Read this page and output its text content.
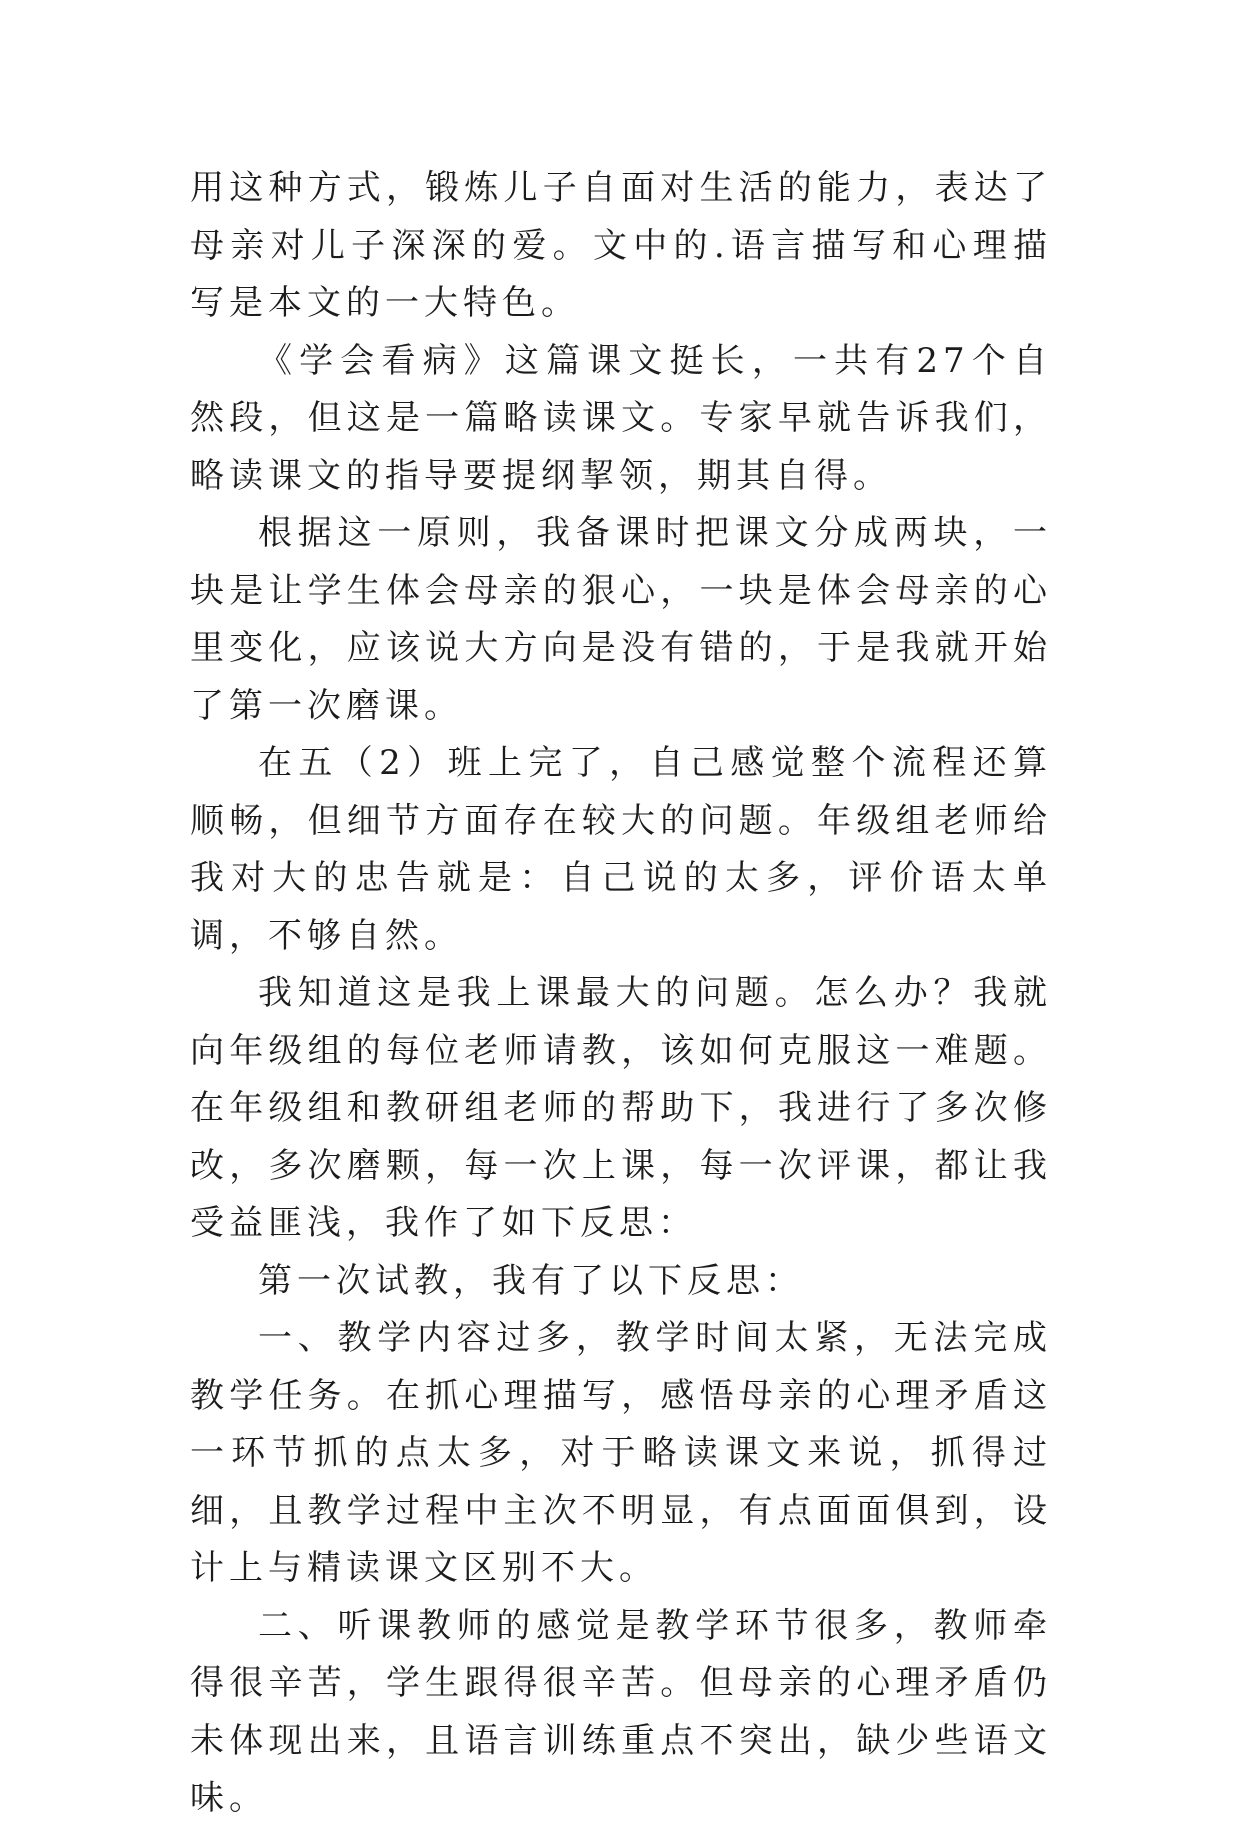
用这种方式，锻炼儿子自面对生活的能力，表达了母亲对儿子深深的爱。文中的.语言描写和心理描写是本文的一大特色。

《学会看病》这篇课文挺长，一共有27个自然段，但这是一篇略读课文。专家早就告诉我们，略读课文的指导要提纲挈领，期其自得。

根据这一原则，我备课时把课文分成两块，一块是让学生体会母亲的狠心，一块是体会母亲的心里变化，应该说大方向是没有错的，于是我就开始了第一次磨课。

在五（2）班上完了，自己感觉整个流程还算顺畅，但细节方面存在较大的问题。年级组老师给我对大的忠告就是：自己说的太多，评价语太单调，不够自然。

我知道这是我上课最大的问题。怎么办？我就向年级组的每位老师请教，该如何克服这一难题。在年级组和教研组老师的帮助下，我进行了多次修改，多次磨颗，每一次上课，每一次评课，都让我受益匪浅，我作了如下反思：

第一次试教，我有了以下反思：

一、教学内容过多，教学时间太紧，无法完成教学任务。在抓心理描写，感悟母亲的心理矛盾这一环节抓的点太多，对于略读课文来说，抓得过细，且教学过程中主次不明显，有点面面俱到，设计上与精读课文区别不大。

二、听课教师的感觉是教学环节很多，教师牵得很辛苦，学生跟得很辛苦。但母亲的心理矛盾仍未体现出来，且语言训练重点不突出，缺少些语文味。
